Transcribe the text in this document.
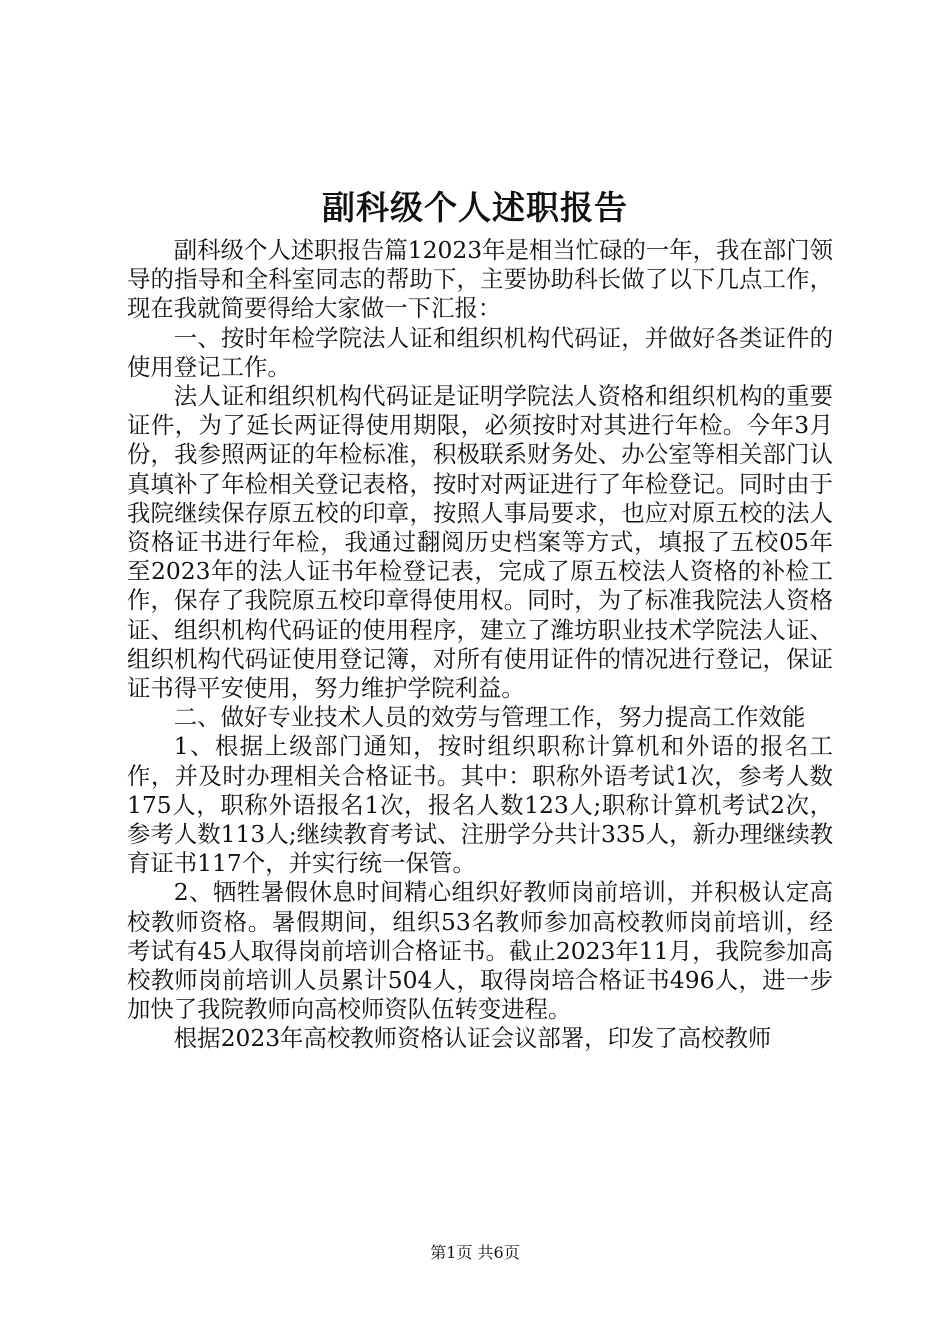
副科级个人述职报告

副科级个人述职报告篇12023年是相当忙碌的一年，我在部门领导的指导和全科室同志的帮助下，主要协助科长做了以下几点工作，现在我就简要得给大家做一下汇报：

一、按时年检学院法人证和组织机构代码证，并做好各类证件的使用登记工作。

法人证和组织机构代码证是证明学院法人资格和组织机构的重要证件，为了延长两证得使用期限，必须按时对其进行年检。今年3月份，我参照两证的年检标准，积极联系财务处、办公室等相关部门认真填补了年检相关登记表格，按时对两证进行了年检登记。同时由于我院继续保存原五校的印章，按照人事局要求，也应对原五校的法人资格证书进行年检，我通过翻阅历史档案等方式，填报了五校05年至2023年的法人证书年检登记表，完成了原五校法人资格的补检工作，保存了我院原五校印章得使用权。同时，为了标准我院法人资格证、组织机构代码证的使用程序，建立了潍坊职业技术学院法人证、组织机构代码证使用登记簿，对所有使用证件的情况进行登记，保证证书得平安使用，努力维护学院利益。

二、做好专业技术人员的效劳与管理工作，努力提高工作效能

1、根据上级部门通知，按时组织职称计算机和外语的报名工作，并及时办理相关合格证书。其中：职称外语考试1次，参考人数175人，职称外语报名1次，报名人数123人;职称计算机考试2次，参考人数113人;继续教育考试、注册学分共计335人，新办理继续教育证书117个，并实行统一保管。

2、牺牲暑假休息时间精心组织好教师岗前培训，并积极认定高校教师资格。暑假期间，组织53名教师参加高校教师岗前培训，经考试有45人取得岗前培训合格证书。截止2023年11月，我院参加高校教师岗前培训人员累计504人，取得岗培合格证书496人，进一步加快了我院教师向高校师资队伍转变进程。

根据2023年高校教师资格认证会议部署，印发了高校教师

第1页 共6页
